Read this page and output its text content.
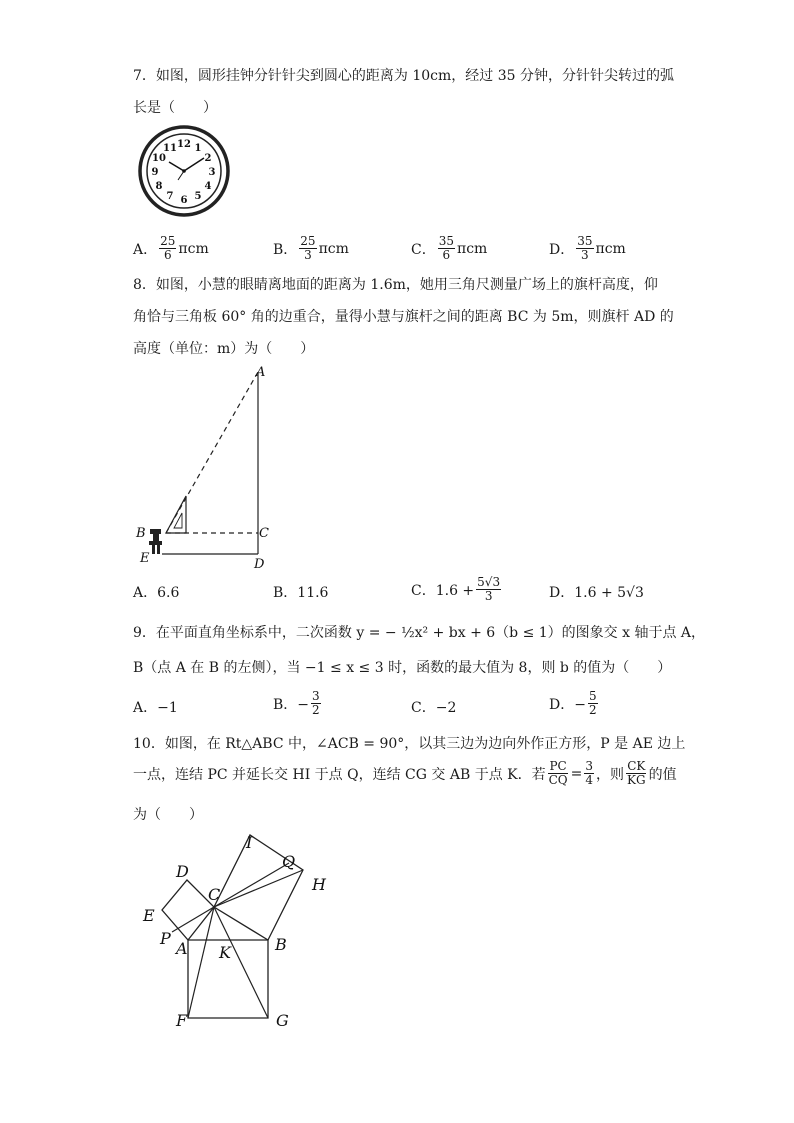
7．如图，圆形挂钟分针针尖到圆心的距离为 10cm，经过 35 分钟，分针针尖转过的弧
长是（　　）
12 1
2
3
4
5
6
7
8
9
10
11
A． $\frac{25}{6}$ πcm	B． $\frac{25}{3}$ πcm	C． $\frac{35}{6}$ πcm	D． $\frac{35}{3}$ πcm
8．如图，小慧的眼睛离地面的距离为 1.6m，她用三角尺测量广场上的旗杆高度，仰
角恰与三角板 60° 角的边重合，量得小慧与旗杆之间的距离 BC 为 5m，则旗杆 AD 的
高度（单位：m）为（　　）
A
B	C
D
E
A．6.6	B．11.6	C．$1.6 + \frac{5√3}{3}$	D．1.6 + 5√3
9．在平面直角坐标系中，二次函数 y = − ½x² + bx + 6（b ≤ 1）的图象交 x 轴于点 A，
B（点 A 在 B 的左侧），当 −1 ≤ x ≤ 3 时，函数的最大值为 8，则 b 的值为（　　）
A．−1	B．− $\frac{3}{2}$	C．−2	D．− $\frac{5}{2}$
10．如图，在 Rt△ABC 中，∠ACB = 90°，以其三边为边向外作正方形，P 是 AE 边上
一点，连结 PC 并延长交 HI 于点 Q，连结 CG 交 AB 于点 K．若 $\frac{PC}{CQ} = \frac{3}{4}$ ，则 $\frac{CK}{KG}$ 的值
为（　　）
I
Q
D
H
C
E
P
A K	B
F	G
